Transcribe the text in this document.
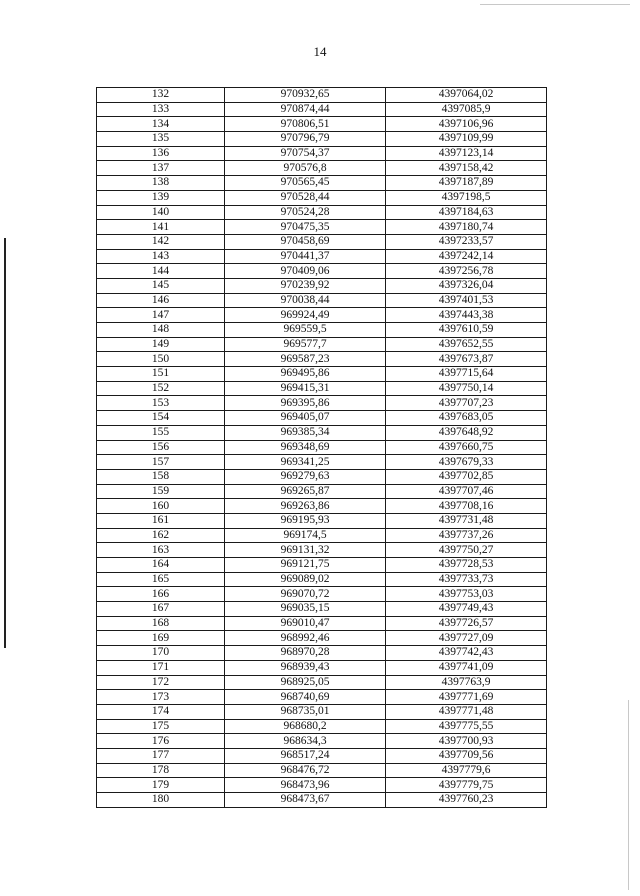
14
132	970932,65	4397064,02
133	970874,44	4397085,9
134	970806,51	4397106,96
135	970796,79	4397109,99
136	970754,37	4397123,14
137	970576,8	4397158,42
138	970565,45	4397187,89
139	970528,44	4397198,5
140	970524,28	4397184,63
141	970475,35	4397180,74
142	970458,69	4397233,57
143	970441,37	4397242,14
144	970409,06	4397256,78
145	970239,92	4397326,04
146	970038,44	4397401,53
147	969924,49	4397443,38
148	969559,5	4397610,59
149	969577,7	4397652,55
150	969587,23	4397673,87
151	969495,86	4397715,64
152	969415,31	4397750,14
153	969395,86	4397707,23
154	969405,07	4397683,05
155	969385,34	4397648,92
156	969348,69	4397660,75
157	969341,25	4397679,33
158	969279,63	4397702,85
159	969265,87	4397707,46
160	969263,86	4397708,16
161	969195,93	4397731,48
162	969174,5	4397737,26
163	969131,32	4397750,27
164	969121,75	4397728,53
165	969089,02	4397733,73
166	969070,72	4397753,03
167	969035,15	4397749,43
168	969010,47	4397726,57
169	968992,46	4397727,09
170	968970,28	4397742,43
171	968939,43	4397741,09
172	968925,05	4397763,9
173	968740,69	4397771,69
174	968735,01	4397771,48
175	968680,2	4397775,55
176	968634,3	4397700,93
177	968517,24	4397709,56
178	968476,72	4397779,6
179	968473,96	4397779,75
180	968473,67	4397760,23
